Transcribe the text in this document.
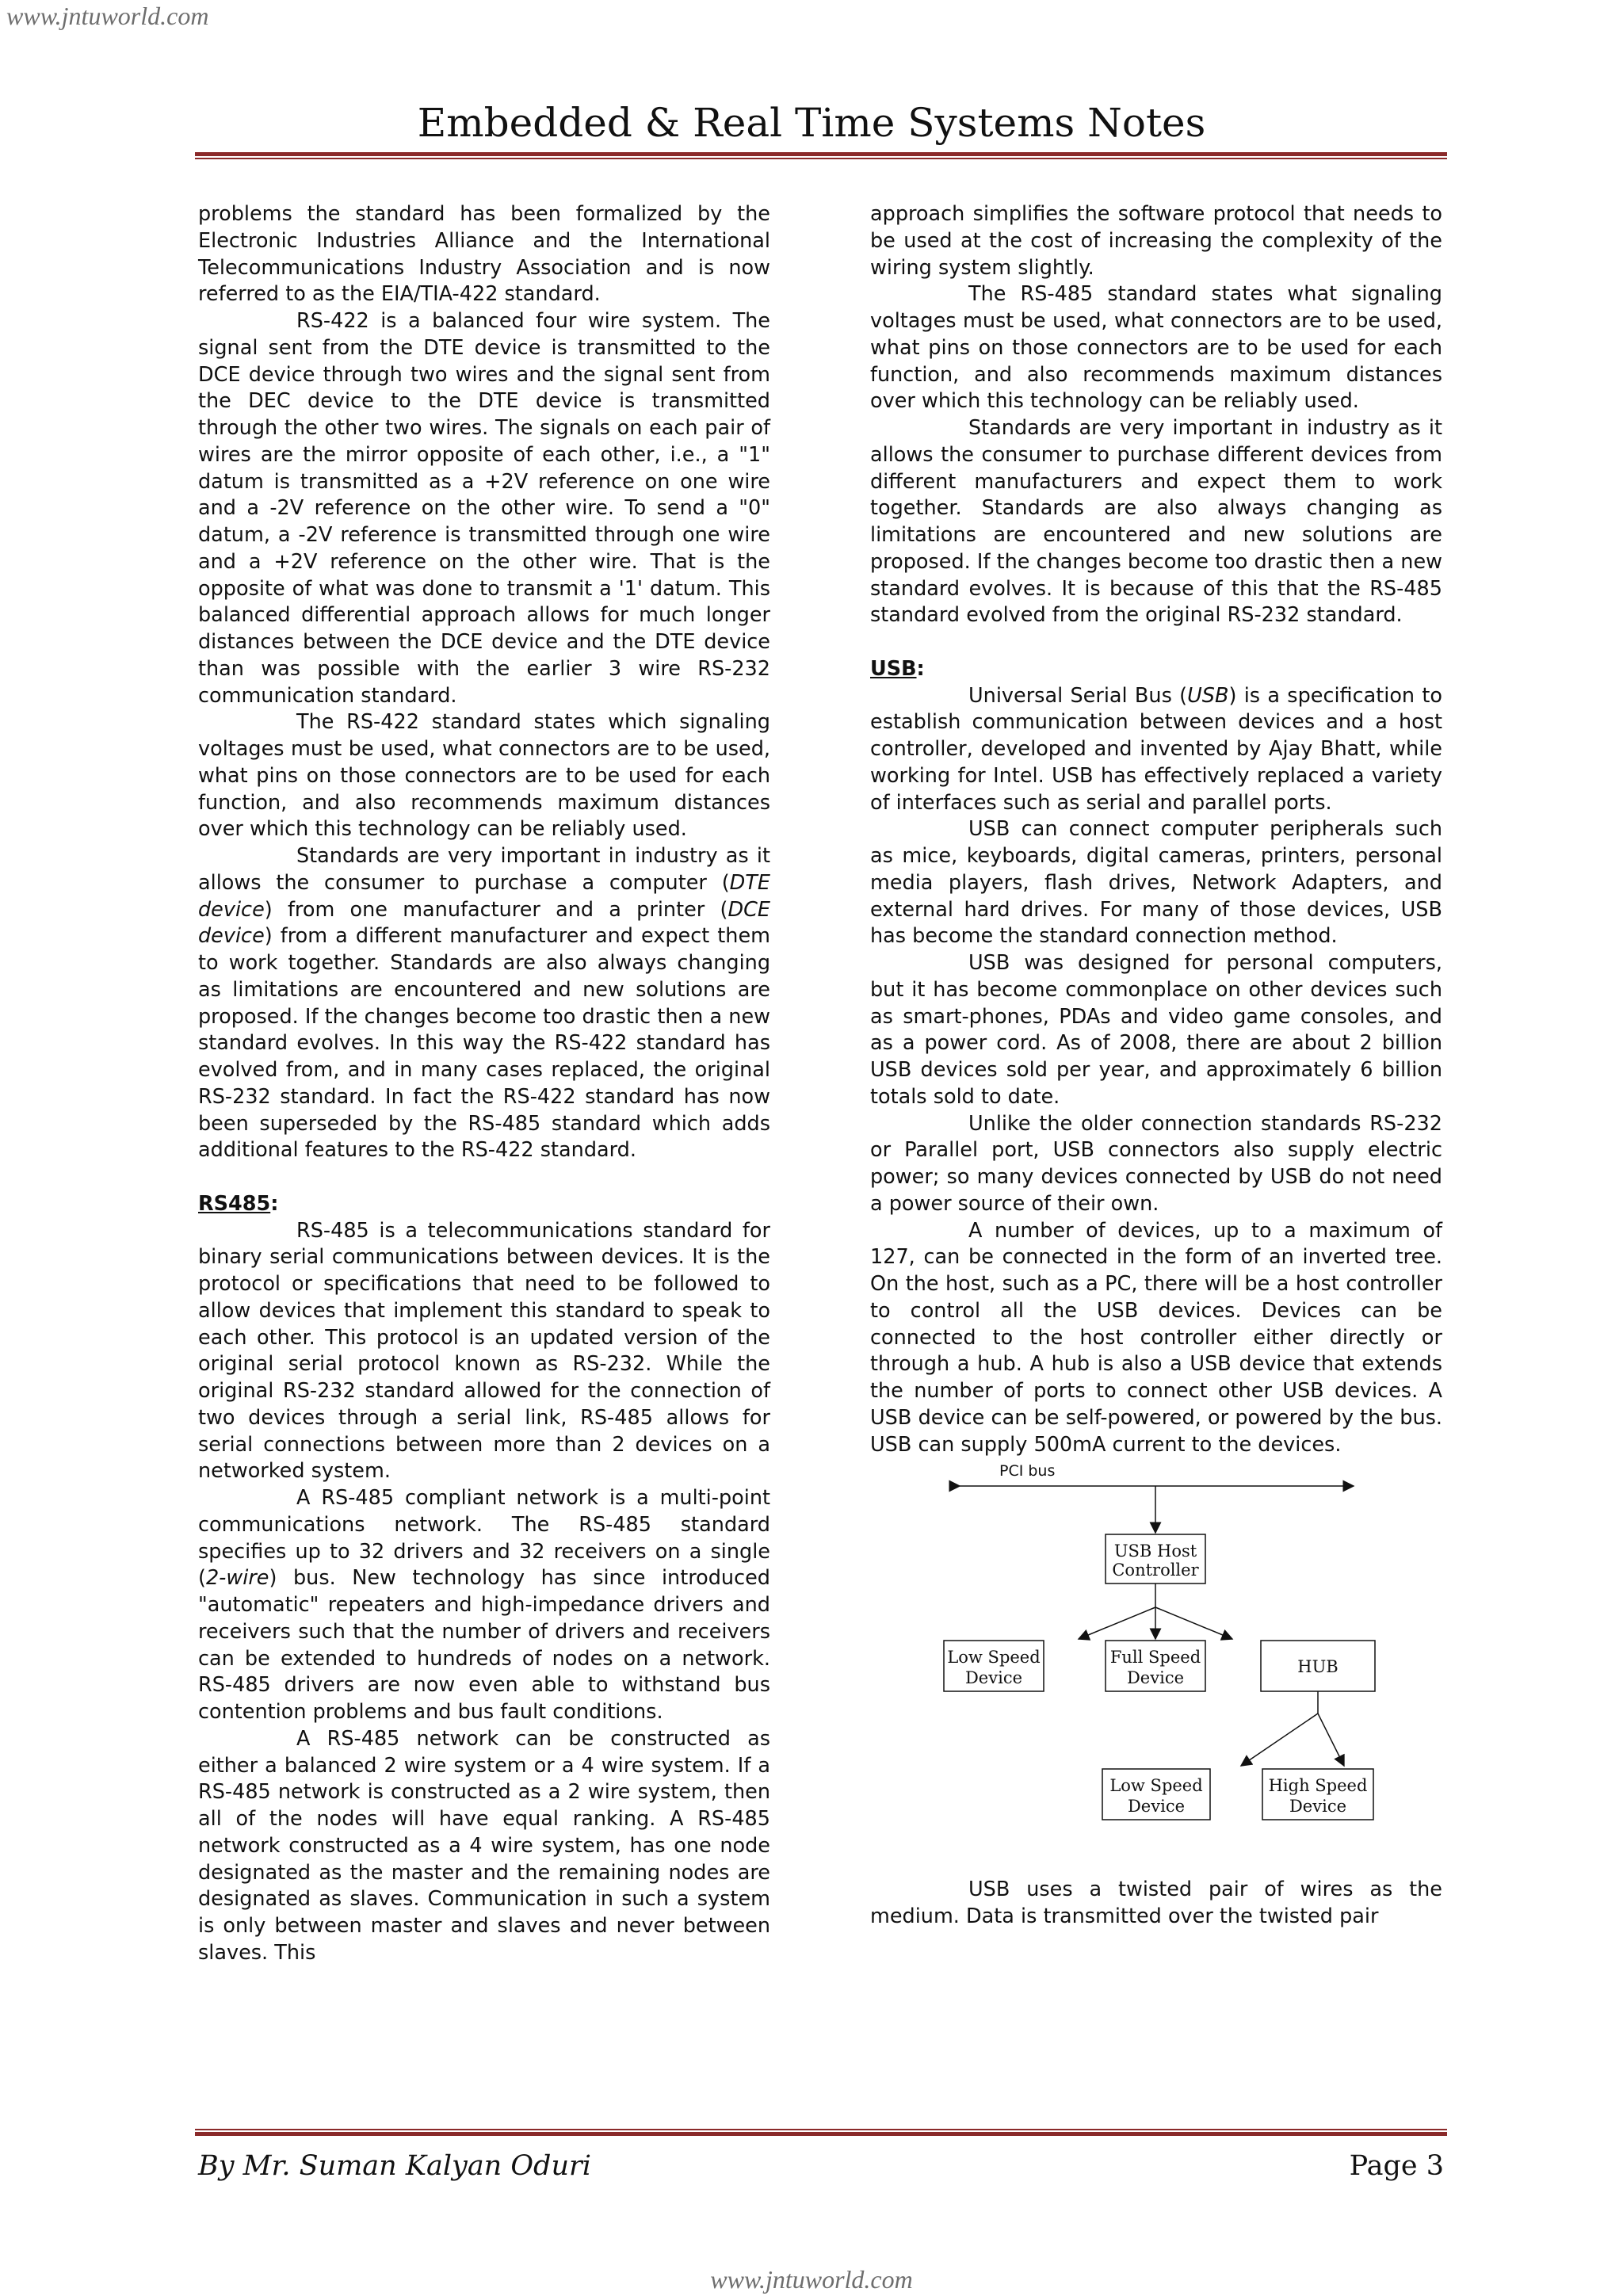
www.jntuworld.com
Embedded & Real Time Systems Notes

problems the standard has been formalized by the Electronic Industries Alliance and the International Telecommunications Industry Association and is now referred to as the EIA/TIA-422 standard.

RS-422 is a balanced four wire system. The signal sent from the DTE device is transmitted to the DCE device through two wires and the signal sent from the DEC device to the DTE device is transmitted through the other two wires. The signals on each pair of wires are the mirror opposite of each other, i.e., a "1" datum is transmitted as a +2V reference on one wire and a -2V reference on the other wire. To send a "0" datum, a -2V reference is transmitted through one wire and a +2V reference on the other wire. That is the opposite of what was done to transmit a '1' datum. This balanced differential approach allows for much longer distances between the DCE device and the DTE device than was possible with the earlier 3 wire RS-232 communication standard.

The RS-422 standard states which signaling voltages must be used, what connectors are to be used, what pins on those connectors are to be used for each function, and also recommends maximum distances over which this technology can be reliably used.

Standards are very important in industry as it allows the consumer to purchase a computer (DTE device) from one manufacturer and a printer (DCE device) from a different manufacturer and expect them to work together. Standards are also always changing as limitations are encountered and new solutions are proposed. If the changes become too drastic then a new standard evolves. In this way the RS-422 standard has evolved from, and in many cases replaced, the original RS-232 standard. In fact the RS-422 standard has now been superseded by the RS-485 standard which adds additional features to the RS-422 standard.

RS485:

RS-485 is a telecommunications standard for binary serial communications between devices. It is the protocol or specifications that need to be followed to allow devices that implement this standard to speak to each other. This protocol is an updated version of the original serial protocol known as RS-232. While the original RS-232 standard allowed for the connection of two devices through a serial link, RS-485 allows for serial connections between more than 2 devices on a networked system.

A RS-485 compliant network is a multi-point communications network. The RS-485 standard specifies up to 32 drivers and 32 receivers on a single (2-wire) bus. New technology has since introduced "automatic" repeaters and high-impedance drivers and receivers such that the number of drivers and receivers can be extended to hundreds of nodes on a network. RS-485 drivers are now even able to withstand bus contention problems and bus fault conditions.

A RS-485 network can be constructed as either a balanced 2 wire system or a 4 wire system. If a RS-485 network is constructed as a 2 wire system, then all of the nodes will have equal ranking. A RS-485 network constructed as a 4 wire system, has one node designated as the master and the remaining nodes are designated as slaves. Communication in such a system is only between master and slaves and never between slaves. This

approach simplifies the software protocol that needs to be used at the cost of increasing the complexity of the wiring system slightly.

The RS-485 standard states what signaling voltages must be used, what connectors are to be used, what pins on those connectors are to be used for each function, and also recommends maximum distances over which this technology can be reliably used.

Standards are very important in industry as it allows the consumer to purchase different devices from different manufacturers and expect them to work together. Standards are also always changing as limitations are encountered and new solutions are proposed. If the changes become too drastic then a new standard evolves. It is because of this that the RS-485 standard evolved from the original RS-232 standard.

USB:

Universal Serial Bus (USB) is a specification to establish communication between devices and a host controller, developed and invented by Ajay Bhatt, while working for Intel. USB has effectively replaced a variety of interfaces such as serial and parallel ports.

USB can connect computer peripherals such as mice, keyboards, digital cameras, printers, personal media players, flash drives, Network Adapters, and external hard drives. For many of those devices, USB has become the standard connection method.

USB was designed for personal computers, but it has become commonplace on other devices such as smart-phones, PDAs and video game consoles, and as a power cord. As of 2008, there are about 2 billion USB devices sold per year, and approximately 6 billion totals sold to date.

Unlike the older connection standards RS-232 or Parallel port, USB connectors also supply electric power; so many devices connected by USB do not need a power source of their own.

A number of devices, up to a maximum of 127, can be connected in the form of an inverted tree. On the host, such as a PC, there will be a host controller to control all the USB devices. Devices can be connected to the host controller either directly or through a hub. A hub is also a USB device that extends the number of ports to connect other USB devices. A USB device can be self-powered, or powered by the bus. USB can supply 500mA current to the devices.

PCI bus
USB Host
Controller
Low Speed
Device
Full Speed
Device
HUB
Low Speed
Device
High Speed
Device

USB uses a twisted pair of wires as the medium. Data is transmitted over the twisted pair

By Mr. Suman Kalyan Oduri	Page 3
www.jntuworld.com
